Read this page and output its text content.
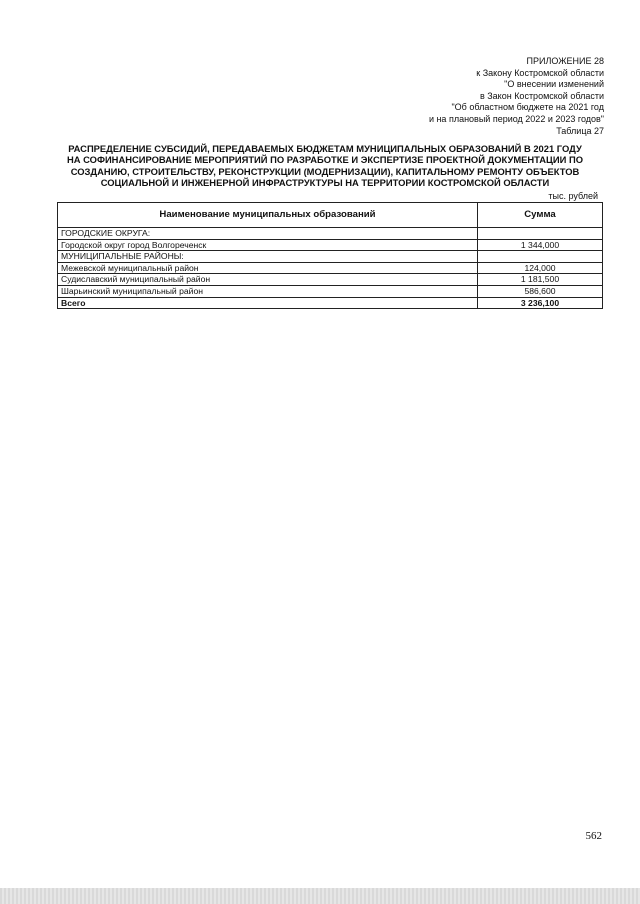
ПРИЛОЖЕНИЕ 28
к Закону Костромской области
"О внесении изменений
в Закон Костромской области
"Об областном бюджете на 2021 год
и на плановый период 2022 и 2023 годов"
Таблица 27
РАСПРЕДЕЛЕНИЕ СУБСИДИЙ, ПЕРЕДАВАЕМЫХ БЮДЖЕТАМ МУНИЦИПАЛЬНЫХ ОБРАЗОВАНИЙ В 2021 ГОДУ
НА СОФИНАНСИРОВАНИЕ МЕРОПРИЯТИЙ ПО РАЗРАБОТКЕ И ЭКСПЕРТИЗЕ ПРОЕКТНОЙ ДОКУМЕНТАЦИИ ПО
СОЗДАНИЮ, СТРОИТЕЛЬСТВУ, РЕКОНСТРУКЦИИ (МОДЕРНИЗАЦИИ), КАПИТАЛЬНОМУ РЕМОНТУ ОБЪЕКТОВ
СОЦИАЛЬНОЙ И ИНЖЕНЕРНОЙ ИНФРАСТРУКТУРЫ НА ТЕРРИТОРИИ КОСТРОМСКОЙ ОБЛАСТИ
тыс. рублей
Наименование муниципальных образований	Сумма
ГОРОДСКИЕ ОКРУГА:	
Городской округ город Волгореченск	1 344,000
МУНИЦИПАЛЬНЫЕ РАЙОНЫ:	
Межевской муниципальный район	124,000
Судиславский муниципальный район	1 181,500
Шарьинский муниципальный район	586,600
Всего	3 236,100
562
